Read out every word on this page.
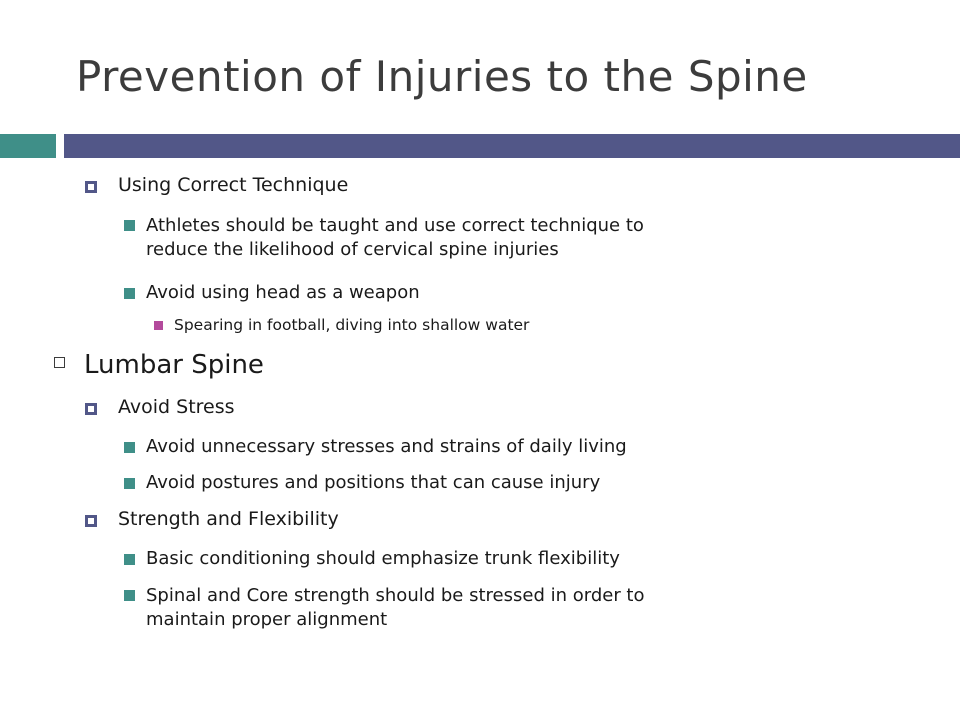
Prevention of Injuries to the Spine
Using Correct Technique
Athletes should be taught and use correct technique to
reduce the likelihood of cervical spine injuries
Avoid using head as a weapon
Spearing in football, diving into shallow water
Lumbar Spine
Avoid Stress
Avoid unnecessary stresses and strains of daily living
Avoid postures and positions that can cause injury
Strength and Flexibility
Basic conditioning should emphasize trunk flexibility
Spinal and Core strength should be stressed in order to
maintain proper alignment
